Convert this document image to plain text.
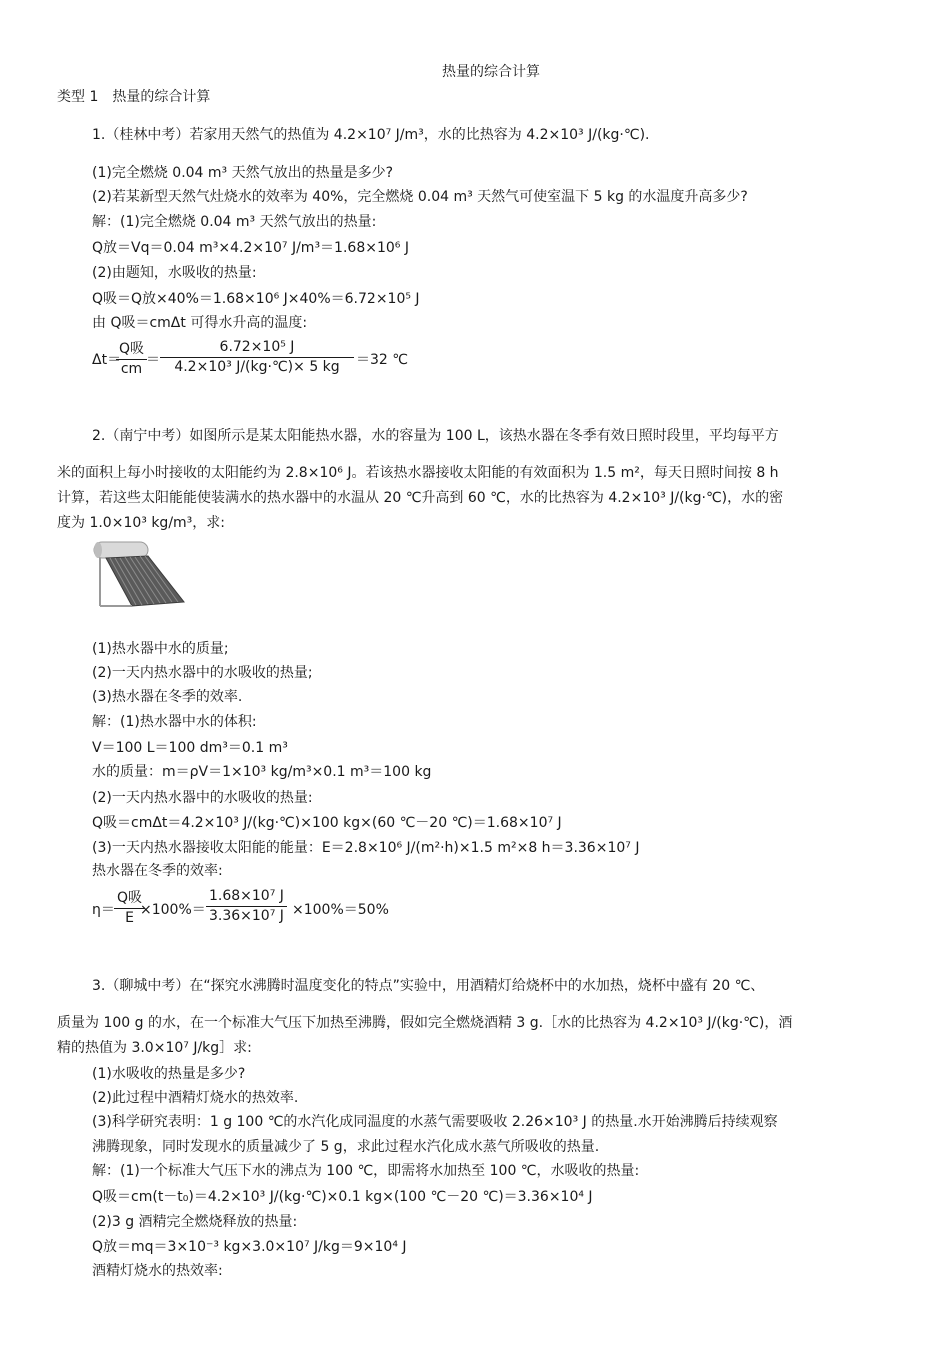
热量的综合计算
类型 1　热量的综合计算
1.（桂林中考）若家用天然气的热值为 4.2×10⁷ J/m³，水的比热容为 4.2×10³ J/(kg·℃).
(1)完全燃烧 0.04 m³ 天然气放出的热量是多少?
(2)若某新型天然气灶烧水的效率为 40%，完全燃烧 0.04 m³ 天然气可使室温下 5 kg 的水温度升高多少?
解：(1)完全燃烧 0.04 m³ 天然气放出的热量:
Q放＝Vq＝0.04 m³×4.2×10⁷ J/m³＝1.68×10⁶ J
(2)由题知，水吸收的热量:
Q吸＝Q放×40%＝1.68×10⁶ J×40%＝6.72×10⁵ J
由 Q吸＝cmΔt 可得水升高的温度:
Δt＝
Q吸
cm
＝ $\frac{\text{6.72×10⁵ J}}{\text{4.2×10³ J/(kg·℃)× 5 kg}} =32$ ℃
2.（南宁中考）如图所示是某太阳能热水器，水的容量为 100 L，该热水器在冬季有效日照时段里，平均每平方
米的面积上每小时接收的太阳能约为 2.8×10⁶ J。若该热水器接收太阳能的有效面积为 1.5 m²，每天日照时间按 8 h
计算，若这些太阳能能使装满水的热水器中的水温从 20 ℃升高到 60 ℃，水的比热容为 4.2×10³ J/(kg·℃)，水的密
度为 1.0×10³ kg/m³，求:
(1)热水器中水的质量;
(2)一天内热水器中的水吸收的热量;
(3)热水器在冬季的效率.
解：(1)热水器中水的体积:
V＝100 L＝100 dm³＝0.1 m³
水的质量：m＝ρV＝1×10³ kg/m³×0.1 m³＝100 kg
(2)一天内热水器中的水吸收的热量:
Q吸＝cmΔt＝4.2×10³ J/(kg·℃)×100 kg×(60 ℃－20 ℃)＝1.68×10⁷ J
(3)一天内热水器接收太阳能的能量：E＝2.8×10⁶ J/(m²·h)×1.5 m²×8 h＝3.36×10⁷ J
热水器在冬季的效率:
η＝
Q吸
$E \times 100\%= \frac{\text{1.68×10⁷ J}}{\text{3.36×10⁷ J}} \times 100\%=50\%$
3.（聊城中考）在“探究水沸腾时温度变化的特点”实验中，用酒精灯给烧杯中的水加热，烧杯中盛有 20 ℃、
质量为 100 g 的水，在一个标准大气压下加热至沸腾，假如完全燃烧酒精 3 g.［水的比热容为 4.2×10³ J/(kg·℃)，酒
精的热值为 3.0×10⁷ J/kg］求:
(1)水吸收的热量是多少?
(2)此过程中酒精灯烧水的热效率.
(3)科学研究表明：1 g 100 ℃的水汽化成同温度的水蒸气需要吸收 2.26×10³ J 的热量.水开始沸腾后持续观察
沸腾现象，同时发现水的质量减少了 5 g，求此过程水汽化成水蒸气所吸收的热量.
解：(1)一个标准大气压下水的沸点为 100 ℃，即需将水加热至 100 ℃，水吸收的热量:
Q吸＝cm(t－t₀)＝4.2×10³ J/(kg·℃)×0.1 kg×(100 ℃－20 ℃)＝3.36×10⁴ J
(2)3 g 酒精完全燃烧释放的热量:
Q放＝mq＝3×10⁻³ kg×3.0×10⁷ J/kg＝9×10⁴ J
酒精灯烧水的热效率:
